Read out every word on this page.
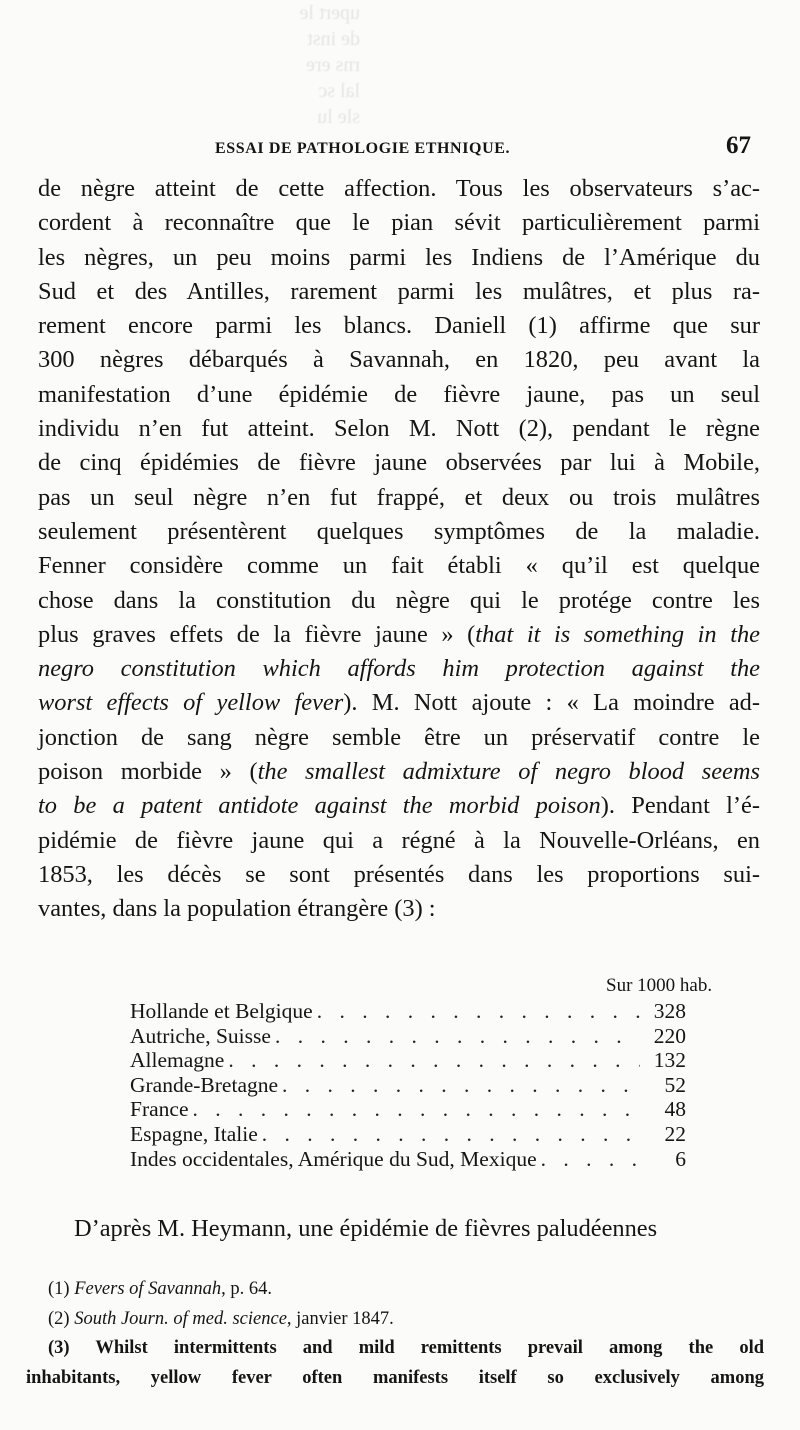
upert le
de inst
rns ere
lal sc
sle lu
ESSAI DE PATHOLOGIE ETHNIQUE.	67
de nègre atteint de cette affection. Tous les observateurs s’ac-
cordent à reconnaître que le pian sévit particulièrement parmi
les nègres, un peu moins parmi les Indiens de l’Amérique du
Sud et des Antilles, rarement parmi les mulâtres, et plus ra-
rement encore parmi les blancs. Daniell (1) affirme que sur
300 nègres débarqués à Savannah, en 1820, peu avant la
manifestation d’une épidémie de fièvre jaune, pas un seul
individu n’en fut atteint. Selon M. Nott (2), pendant le règne
de cinq épidémies de fièvre jaune observées par lui à Mobile,
pas un seul nègre n’en fut frappé, et deux ou trois mulâtres
seulement présentèrent quelques symptômes de la maladie.
Fenner considère comme un fait établi « qu’il est quelque
chose dans la constitution du nègre qui le protége contre les
plus graves effets de la fièvre jaune » (that it is something in the
negro constitution which affords him protection against the
worst effects of yellow fever). M. Nott ajoute : « La moindre ad-
jonction de sang nègre semble être un préservatif contre le
poison morbide » (the smallest admixture of negro blood seems
to be a patent antidote against the morbid poison). Pendant l’é-
pidémie de fièvre jaune qui a régné à la Nouvelle-Orléans, en
1853, les décès se sont présentés dans les proportions sui-
vantes, dans la population étrangère (3) :
Sur 1000 hab.
Hollande et Belgique . . .	328
Autriche, Suisse . . .	220
Allemagne . . .	132
Grande-Bretagne . . .	52
France . . .	48
Espagne, Italie . . .	22
Indes occidentales, Amérique du Sud, Mexique . . .	6
D’après M. Heymann, une épidémie de fièvres paludéennes
(1) Fevers of Savannah, p. 64.
(2) South Journ. of med. science, janvier 1847.
(3) Whilst intermittents and mild remittents prevail among the old
inhabitants, yellow fever often manifests itself so exclusively among
